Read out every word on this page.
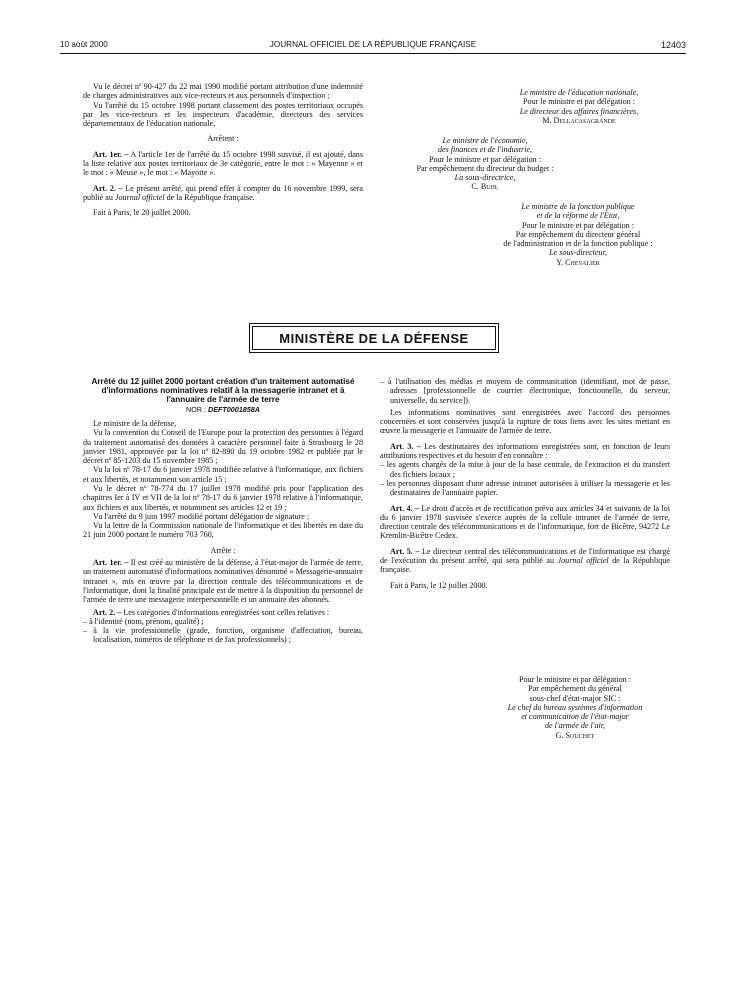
10 août 2000	JOURNAL OFFICIEL DE LA RÉPUBLIQUE FRANÇAISE	12403

Vu le décret nº 90-427 du 22 mai 1990 modifié portant attribution d'une indemnité de charges administratives aux vice-recteurs et aux personnels d'inspection ;

Vu l'arrêté du 15 octobre 1998 portant classement des postes territoriaux occupés par les vice-recteurs et les inspecteurs d'académie, directeurs des services départementaux de l'éducation nationale,

Arrêtent :

Art. 1er. – A l'article 1er de l'arrêté du 15 octobre 1998 susvisé, il est ajouté, dans la liste relative aux postes territoriaux de 3e catégorie, entre le mot : « Mayenne » et le mot : « Meuse », le mot : « Mayotte ».

Art. 2. – Le présent arrêté, qui prend effet à compter du 16 novembre 1999, sera publié au Journal officiel de la République française.

Fait à Paris, le 20 juillet 2000.

Le ministre de l'éducation nationale,
Pour le ministre et par délégation :
Le directeur des affaires financières,
M. Dellacasagrande
Le ministre de l'économie,
des finances et de l'industrie,
Pour le ministre et par délégation :
Par empêchement du directeur du budget :
La sous-directrice,
C. Buhl
Le ministre de la fonction publique
et de la réforme de l'Etat,
Pour le ministre et par délégation :
Par empêchement du directeur général
de l'administration et de la fonction publique :
Le sous-directeur,
Y. Chevalier
MINISTÈRE DE LA DÉFENSE
Arrêté du 12 juillet 2000 portant création d'un traitement automatisé d'informations nominatives relatif à la messagerie intranet et à l'annuaire de l'armée de terre
NOR : DEFT0001858A

Le ministre de la défense,

Vu la convention du Conseil de l'Europe pour la protection des personnes à l'égard du traitement automatisé des données à caractère personnel faite à Strasbourg le 28 janvier 1981, approuvée par la loi nº 82-890 du 19 octobre 1982 et publiée par le décret nº 85-1203 du 15 novembre 1985 ;

Vu la loi nº 78-17 du 6 janvier 1978 modifiée relative à l'informatique, aux fichiers et aux libertés, et notamment son article 15 ;

Vu le décret nº 78-774 du 17 juillet 1978 modifié pris pour l'application des chapitres Ier à IV et VII de la loi nº 78-17 du 6 janvier 1978 relative à l'informatique, aux fichiers et aux libertés, et notamment ses articles 12 et 19 ;

Vu l'arrêté du 9 juin 1997 modifié portant délégation de signature ;

Vu la lettre de la Commission nationale de l'informatique et des libertés en date du 21 juin 2000 portant le numéro 703 760,

Arrête :

Art. 1er. – Il est créé au ministère de la défense, à l'état-major de l'armée de terre, un traitement automatisé d'informations nominatives dénommé « Messagerie-annuaire intranet », mis en œuvre par la direction centrale des télécommunications et de l'informatique, dont la finalité principale est de mettre à la disposition du personnel de l'armée de terre une messagerie interpersonnelle et un annuaire des abonnés.

Art. 2. – Les catégories d'informations enregistrées sont celles relatives :

– à l'identité (nom, prénom, qualité) ;

– à la vie professionnelle (grade, fonction, organisme d'affectation, bureau, localisation, numéros de téléphone et de fax professionnels) ;

– à l'utilisation des médias et moyens de communication (identifiant, mot de passe, adresses [professionnelle de courrier électronique, fonctionnelle, du serveur, universelle, du service]).

Les informations nominatives sont enregistrées avec l'accord des personnes concernées et sont conservées jusqu'à la rupture de tous liens avec les sites mettant en œuvre la messagerie et l'annuaire de l'armée de terre.

Art. 3. – Les destinataires des informations enregistrées sont, en fonction de leurs attributions respectives et du besoin d'en connaître :

– les agents chargés de la mise à jour de la base centrale, de l'extraction et du transfert des fichiers locaux ;

– les personnes disposant d'une adresse intranet autorisées à utiliser la messagerie et les destinataires de l'annuaire papier.

Art. 4. – Le droit d'accès et de rectification prévu aux articles 34 et suivants de la loi du 6 janvier 1978 susvisée s'exerce auprès de la cellule intranet de l'armée de terre, direction centrale des télécommunications et de l'informatique, fort de Bicêtre, 94272 Le Kremlin-Bicêtre Cedex.

Art. 5. – Le directeur central des télécommunications et de l'informatique est chargé de l'exécution du présent arrêté, qui sera publié au Journal officiel de la République française.

Fait à Paris, le 12 juillet 2000.

Pour le ministre et par délégation :
Par empêchement du général
sous-chef d'état-major SIC :
Le chef du bureau systèmes d'information
et communication de l'état-major
de l'armée de l'air,
G. Souchet
